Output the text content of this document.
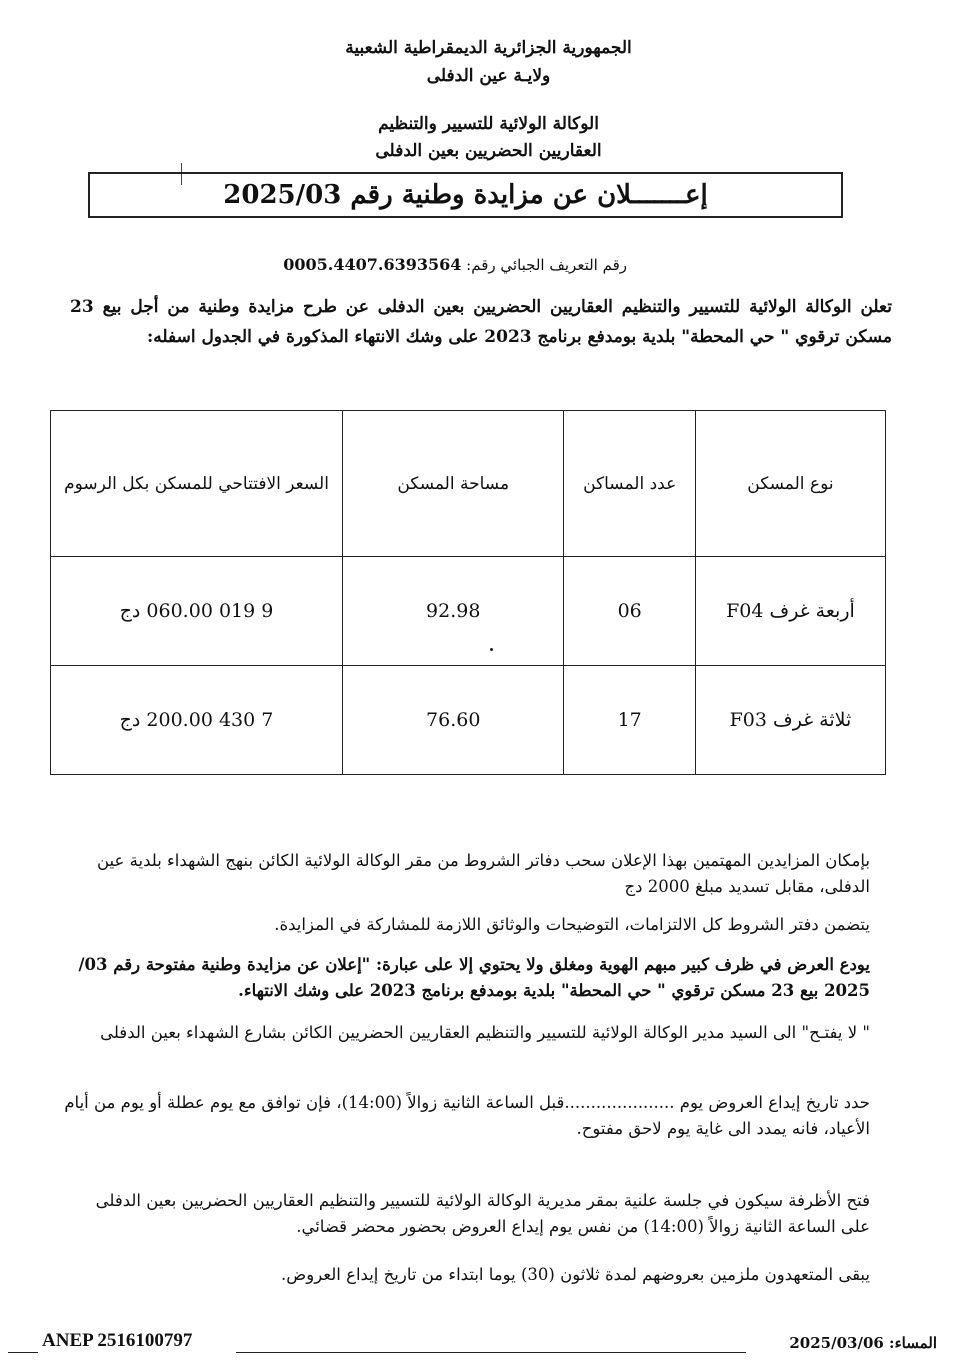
الجمهورية الجزائرية الديمقراطية الشعبية
ولايـة عين الدفلى
الوكالة الولائية للتسيير والتنظيم
العقاريين الحضريين بعين الدفلى
إعـــــــلان عن مزايدة وطنية رقم 2025/03
رقم التعريف الجبائي رقم: 0005.4407.6393564
تعلن الوكالة الولائية للتسيير والتنظيم العقاريين الحضريين بعين الدفلى عن طرح مزايدة وطنية من أجل بيع 23 مسكن ترقوي " حي المحطة" بلدية بومدفع برنامج 2023 على وشك الانتهاء المذكورة في الجدول اسفله:
نوع المسكن	عدد المساكن	مساحة المسكن	السعر الافتتاحي للمسكن بكل الرسوم
أربعة غرف F04	06	92.98	9 019 060.00 دج
ثلاثة غرف F03	17	76.60	7 430 200.00 دج
بإمكان المزايدين المهتمين بهذا الإعلان سحب دفاتر الشروط من مقر الوكالة الولائية الكائن بنهج الشهداء بلدية عين الدفلى، مقابل تسديد مبلغ 2000 دج
يتضمن دفتر الشروط كل الالتزامات، التوضيحات والوثائق اللازمة للمشاركة في المزايدة.
يودع العرض في ظرف كبير مبهم الهوية ومغلق ولا يحتوي إلا على عبارة: "إعلان عن مزايدة وطنية مفتوحة رقم 03/ 2025 بيع 23 مسكن ترقوي " حي المحطة" بلدية بومدفع برنامج 2023 على وشك الانتهاء.
" لا يفتـح" الى السيد مدير الوكالة الولائية للتسيير والتنظيم العقاريين الحضريين الكائن بشارع الشهداء بعين الدفلى
حدد تاريخ إيداع العروض يوم .....................قبل الساعة الثانية زوالاً (14:00)، فإن توافق مع يوم عطلة أو يوم من أيام الأعياد، فانه يمدد الى غاية يوم لاحق مفتوح.
فتح الأظرفة سيكون في جلسة علنية بمقر مديرية الوكالة الولائية للتسيير والتنظيم العقاريين الحضريين بعين الدفلى على الساعة الثانية زوالاً (14:00) من نفس يوم إيداع العروض بحضور محضر قضائي.
يبقى المتعهدون ملزمين بعروضهم لمدة ثلاثون (30) يوما ابتداء من تاريخ إيداع العروض.
ANEP 2516100797	المساء: 2025/03/06
